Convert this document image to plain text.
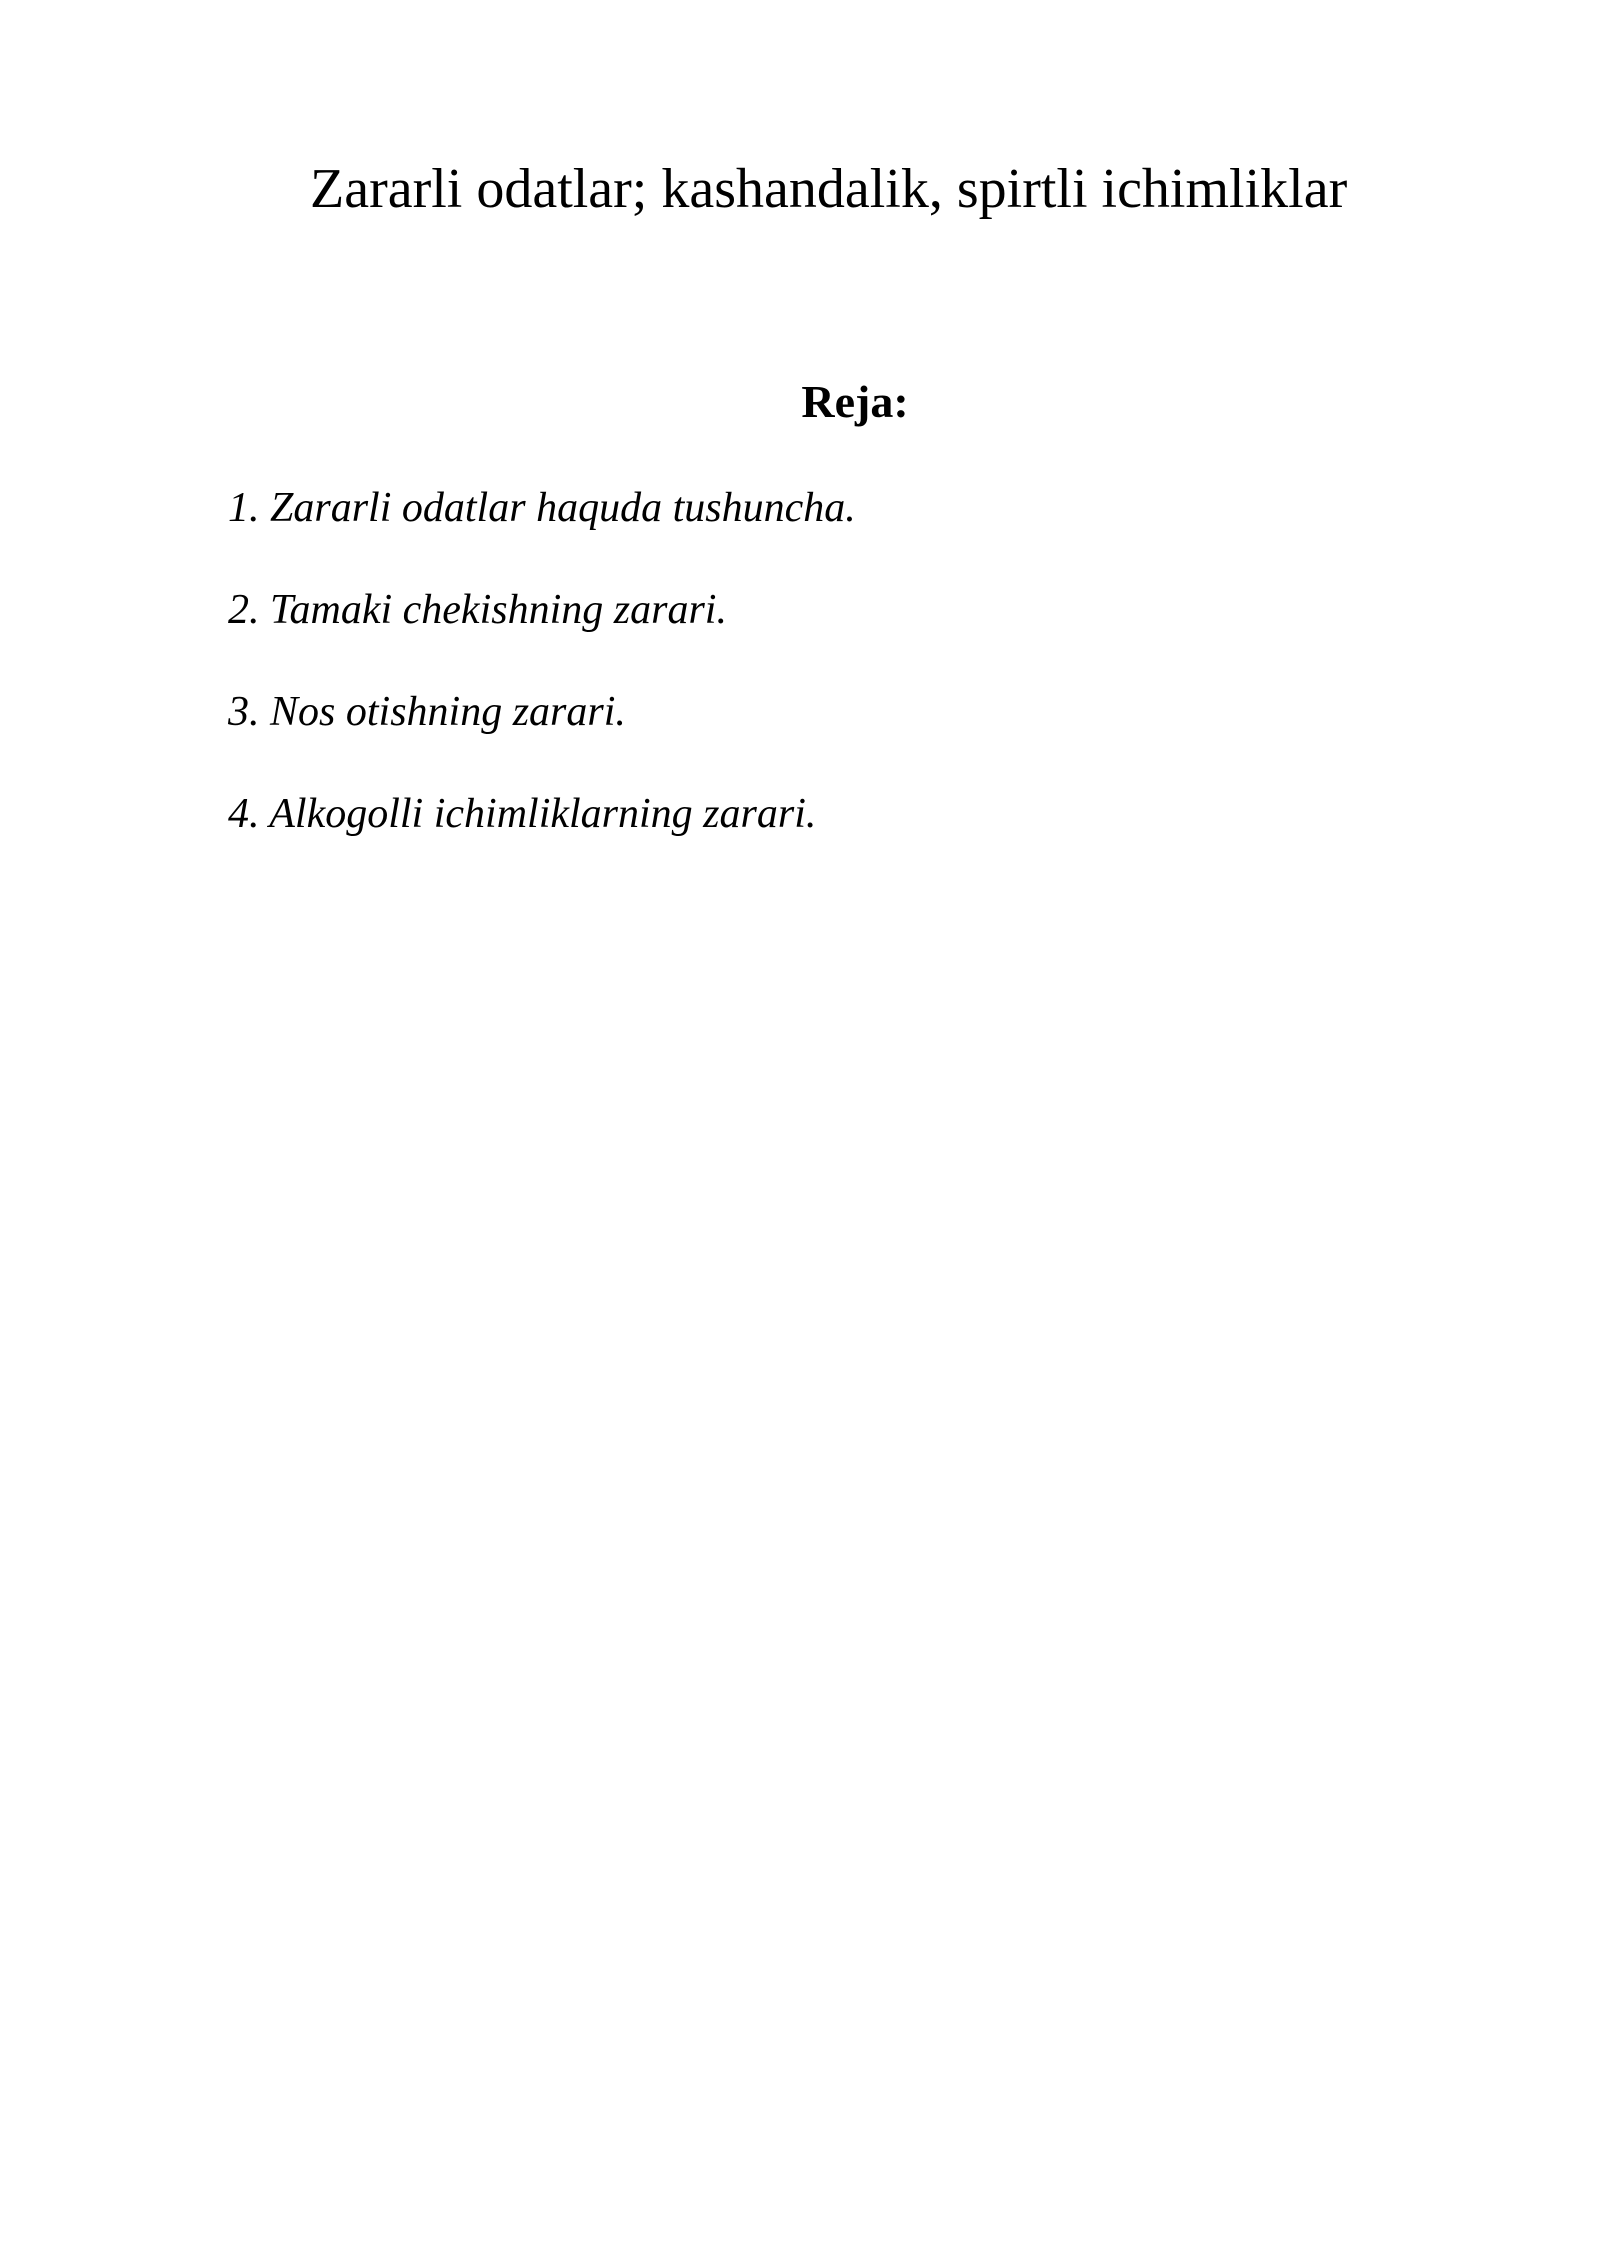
Zararli odatlar; kashandalik, spirtli ichimliklar
Reja:
1. Zararli odatlar haquda tushuncha.
2. Tamaki chekishning zarari.
3. Nos otishning zarari.
4. Alkogolli ichimliklarning zarari.
